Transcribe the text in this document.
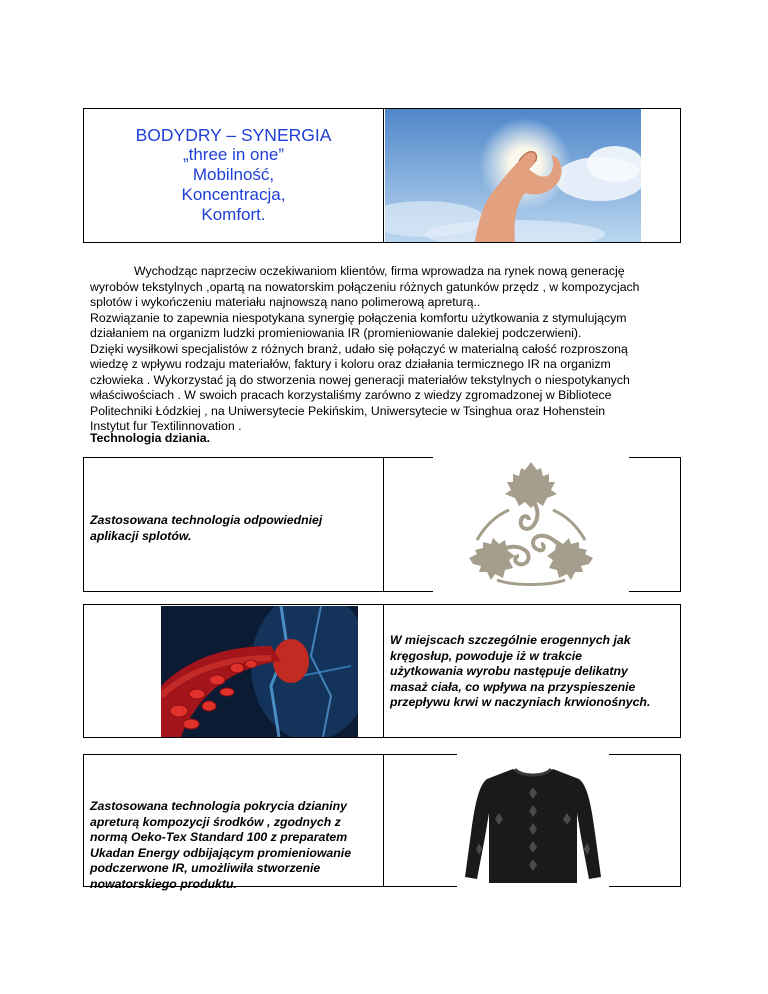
BODYDRY – SYNERGIA
„three in one”
Mobilność,
Koncentracja,
Komfort.

Wychodząc naprzeciw oczekiwaniom klientów, firma wprowadza na rynek nową generację

wyrobów tekstylnych ,opartą na nowatorskim połączeniu różnych gatunków przędz , w kompozycjach

splotów i wykończeniu materiału najnowszą nano polimerową apreturą..

Rozwiązanie to zapewnia niespotykana synergię połączenia komfortu użytkowania z stymulującym

działaniem na organizm ludzki promieniowania IR (promieniowanie dalekiej podczerwieni).

Dzięki wysiłkowi specjalistów z różnych branż, udało się połączyć w materialną całość rozproszoną

wiedzę z wpływu rodzaju materiałów, faktury i koloru oraz działania termicznego IR na organizm

człowieka . Wykorzystać ją do stworzenia nowej generacji materiałów tekstylnych o niespotykanych

właściwościach . W swoich pracach korzystaliśmy zarówno z wiedzy zgromadzonej w Bibliotece

Politechniki Łódzkiej , na Uniwersytecie Pekińskim, Uniwersytecie w Tsinghua oraz Hohenstein

Instytut fur Textilinnovation .

Technologia dziania.
Zastosowana technologia odpowiedniej
aplikacji splotów.
W miejscach szczególnie erogennych jak
kręgosłup, powoduje iż w trakcie
użytkowania wyrobu następuje delikatny
masaż ciała, co wpływa na przyspieszenie
przepływu krwi w naczyniach krwionośnych.
Zastosowana technologia pokrycia dzianiny
apreturą kompozycji środków , zgodnych z
normą Oeko-Tex Standard 100 z preparatem
Ukadan Energy odbijającym promieniowanie
podczerwone IR, umożliwiła stworzenie
nowatorskiego produktu.
